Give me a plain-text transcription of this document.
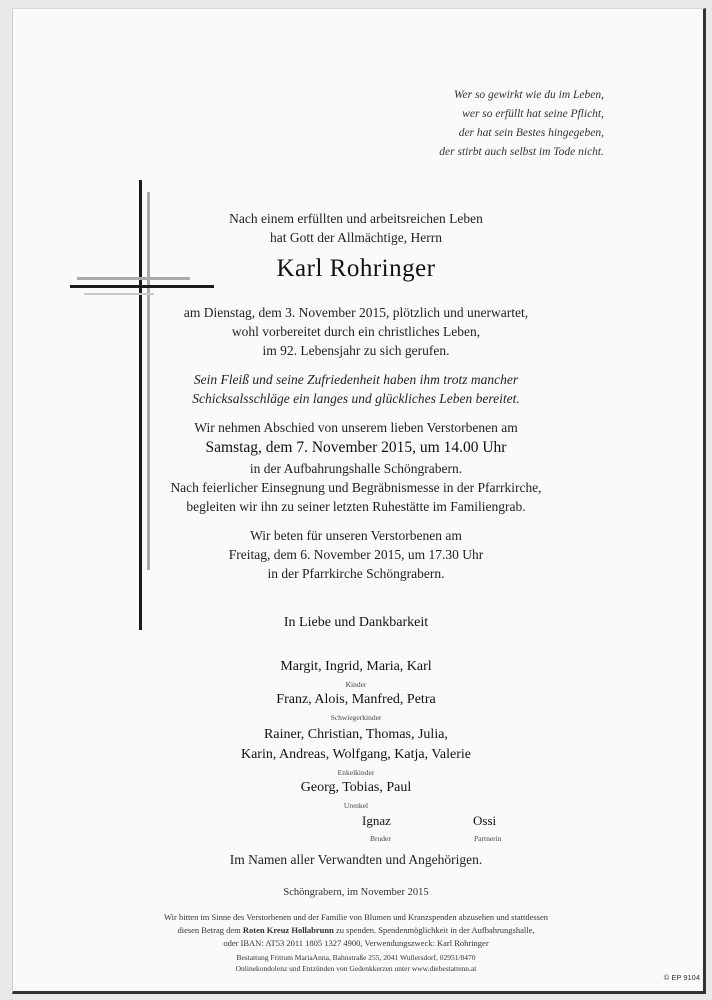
Wer so gewirkt wie du im Leben,
wer so erfüllt hat seine Pflicht,
der hat sein Bestes hingegeben,
der stirbt auch selbst im Tode nicht.
Nach einem erfüllten und arbeitsreichen Leben
hat Gott der Allmächtige, Herrn
Karl Rohringer
am Dienstag, dem 3. November 2015, plötzlich und unerwartet,
wohl vorbereitet durch ein christliches Leben,
im 92. Lebensjahr zu sich gerufen.
Sein Fleiß und seine Zufriedenheit haben ihm trotz mancher
Schicksalsschläge ein langes und glückliches Leben bereitet.
Wir nehmen Abschied von unserem lieben Verstorbenen am
Samstag, dem 7. November 2015, um 14.00 Uhr
in der Aufbahrungshalle Schöngrabern.
Nach feierlicher Einsegnung und Begräbnismesse in der Pfarrkirche,
begleiten wir ihn zu seiner letzten Ruhestätte im Familiengrab.
Wir beten für unseren Verstorbenen am
Freitag, dem 6. November 2015, um 17.30 Uhr
in der Pfarrkirche Schöngrabern.
In Liebe und Dankbarkeit
Margit, Ingrid, Maria, Karl
Kinder
Franz, Alois, Manfred, Petra
Schwiegerkinder
Rainer, Christian, Thomas, Julia,
Karin, Andreas, Wolfgang, Katja, Valerie
Enkelkinder
Georg, Tobias, Paul
Urenkel
Ignaz
Bruder
Ossi
Partnerin
Im Namen aller Verwandten und Angehörigen.
Schöngrabern, im November 2015
Wir bitten im Sinne des Verstorbenen und der Familie von Blumen und Kranzspenden abzusehen und stattdessen
diesen Betrag dem Roten Kreuz Hollabrunn zu spenden. Spendenmöglichkeit in der Aufbahrungshalle,
oder IBAN: AT53 2011 1805 1327 4900, Verwendungszweck: Karl Rohringer
Bestattung Frittum MariaAnna, Bahnstraße 255, 2041 Wullersdorf, 02951/8470
Onlinekondolenz und Entzünden von Gedenkkerzen unter www.diebestattenn.at
© EP 9104
